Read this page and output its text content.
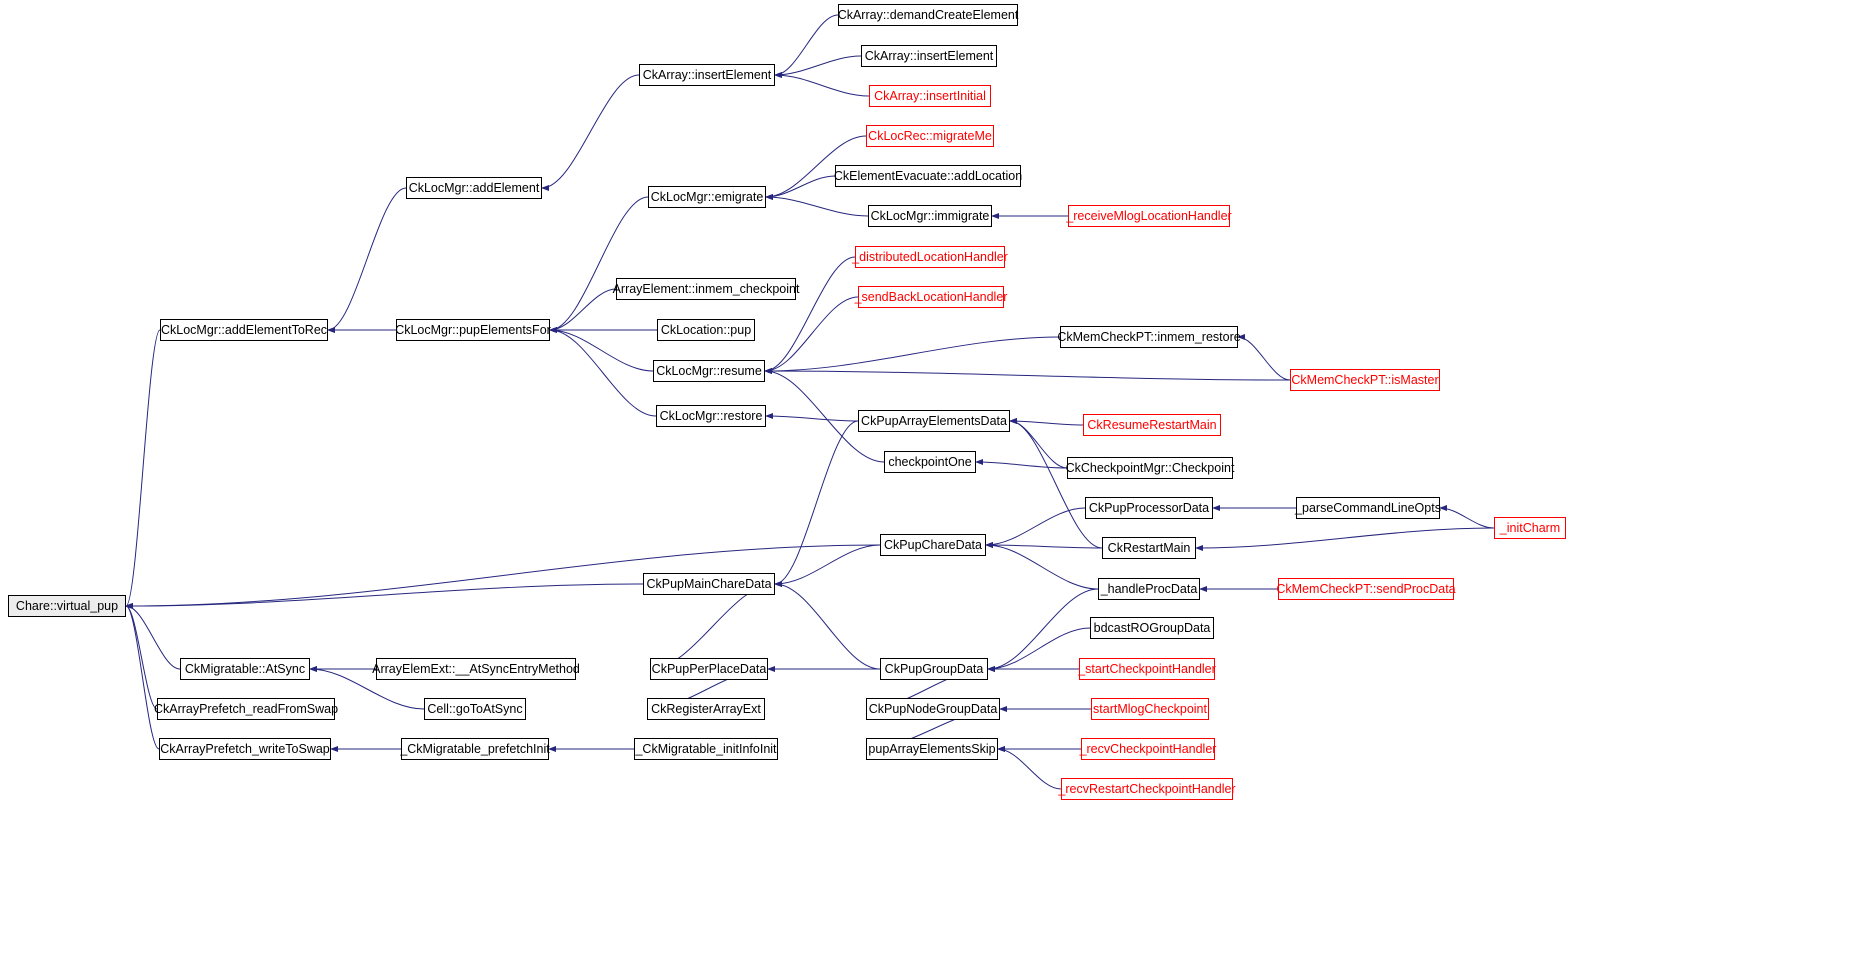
Chare::virtual_pup
CkLocMgr::addElementToRec
CkLocMgr::addElement
CkArray::insertElement
CkArray::demandCreateElement
CkArray::insertElement
CkArray::insertInitial
CkLocMgr::pupElementsFor
CkLocMgr::emigrate
CkLocRec::migrateMe
CkElementEvacuate::addLocation
CkLocMgr::immigrate	_receiveMlogLocationHandler
ArrayElement::inmem_checkpoint
CkLocation::pup
_distributedLocationHandler
_sendBackLocationHandler
CkLocMgr::resume
CkMemCheckPT::inmem_restore
CkMemCheckPT::isMaster
CkLocMgr::restore	CkPupArrayElementsData	CkResumeRestartMain
checkpointOne	CkCheckpointMgr::Checkpoint
CkPupProcessorData	_parseCommandLineOpts
_initCharm
CkPupChareData	CkRestartMain
CkPupMainChareData	_handleProcData	CkMemCheckPT::sendProcData
bdcastROGroupData
CkMigratable::AtSync	ArrayElemExt::__AtSyncEntryMethod	CkPupPerPlaceData	CkPupGroupData	_startCheckpointHandler
CkArrayPrefetch_readFromSwap	Cell::goToAtSync	CkRegisterArrayExt	CkPupNodeGroupData	startMlogCheckpoint
CkArrayPrefetch_writeToSwap	_CkMigratable_prefetchInit	_CkMigratable_initInfoInit	pupArrayElementsSkip	_recvCheckpointHandler
_recvRestartCheckpointHandler
